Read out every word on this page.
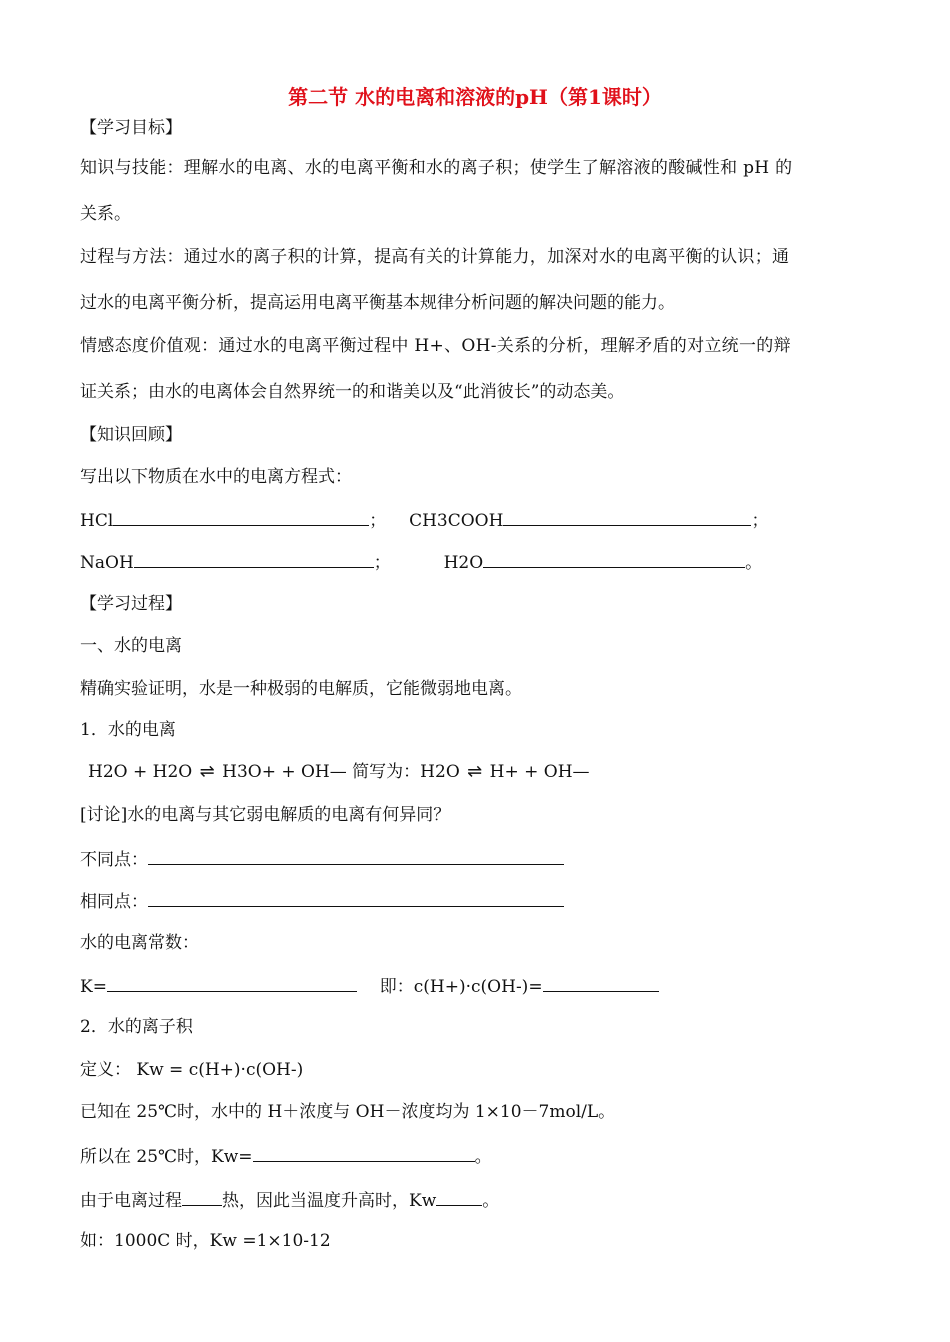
第二节 水的电离和溶液的pH（第1课时）
【学习目标】
知识与技能：理解水的电离、水的电离平衡和水的离子积；使学生了解溶液的酸碱性和 pH 的
关系。
过程与方法：通过水的离子积的计算，提高有关的计算能力，加深对水的电离平衡的认识；通
过水的电离平衡分析，提高运用电离平衡基本规律分析问题的解决问题的能力。
情感态度价值观：通过水的电离平衡过程中 H+、OH-关系的分析，理解矛盾的对立统一的辩
证关系；由水的电离体会自然界统一的和谐美以及“此消彼长”的动态美。
【知识回顾】
写出以下物质在水中的电离方程式：
HCl	； CH3COOH	；
NaOH	；	H2O	。
【学习过程】
一、水的电离
精确实验证明，水是一种极弱的电解质，它能微弱地电离。
1．水的电离
H2O + H2O ⇌ H3O+ + OH— 简写为：H2O ⇌ H+ + OH—
[讨论]水的电离与其它弱电解质的电离有何异同？
不同点：
相同点：
水的电离常数：
K=	即：c(H+)·c(OH-)=
2．水的离子积
定义： Kw = c(H+)·c(OH-)
已知在 25℃时，水中的 H＋浓度与 OH－浓度均为 1×10－7mol/L。
所以在 25℃时，Kw=	。
由于电离过程 热，因此当温度升高时，Kw	。
如：1000C 时，Kw =1×10-12
